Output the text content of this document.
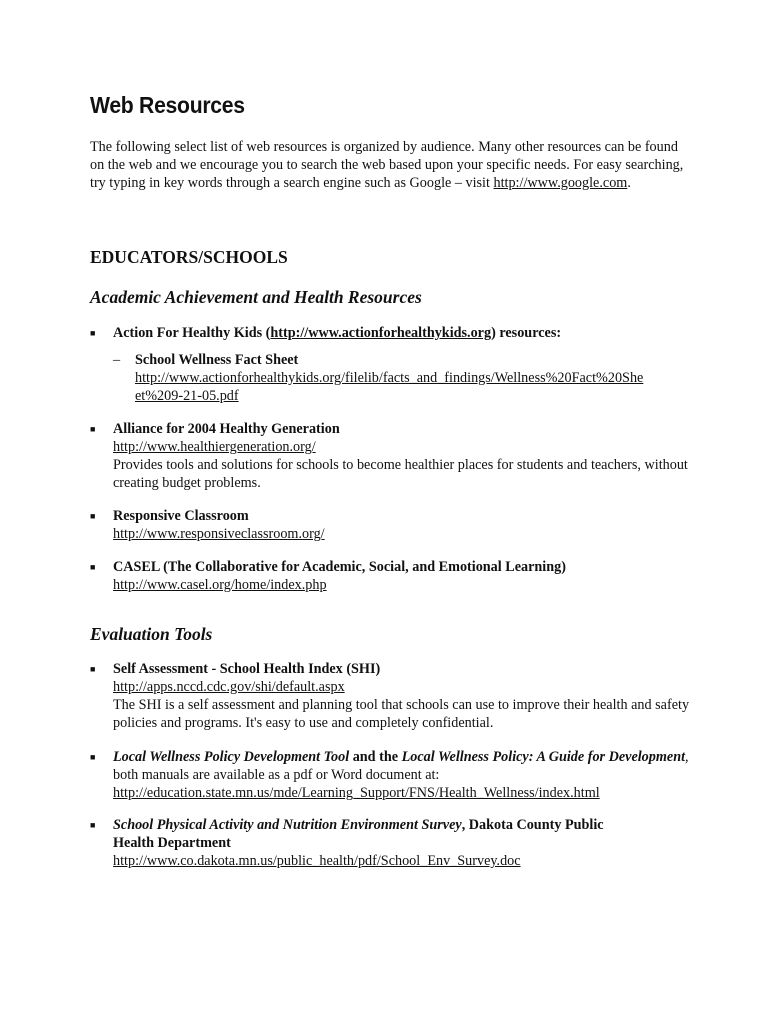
Web Resources

The following select list of web resources is organized by audience. Many other resources can be found on the web and we encourage you to search the web based upon your specific needs. For easy searching, try typing in key words through a search engine such as Google – visit http://www.google.com.

EDUCATORS/SCHOOLS
Academic Achievement and Health Resources
■ Action For Healthy Kids (http://www.actionforhealthykids.org) resources:
– School Wellness Fact Sheet
http://www.actionforhealthykids.org/filelib/facts_and_findings/Wellness%20Fact%20She
et%209-21-05.pdf
■ Alliance for 2004 Healthy Generation
http://www.healthiergeneration.org/
Provides tools and solutions for schools to become healthier places for students and teachers, without creating budget problems.
■ Responsive Classroom
http://www.responsiveclassroom.org/
■ CASEL (The Collaborative for Academic, Social, and Emotional Learning)
http://www.casel.org/home/index.php
Evaluation Tools
■ Self Assessment - School Health Index (SHI)
http://apps.nccd.cdc.gov/shi/default.aspx
The SHI is a self assessment and planning tool that schools can use to improve their health and safety policies and programs. It's easy to use and completely confidential.
■ Local Wellness Policy Development Tool and the Local Wellness Policy: A Guide for Development, both manuals are available as a pdf or Word document at:
http://education.state.mn.us/mde/Learning_Support/FNS/Health_Wellness/index.html
■ School Physical Activity and Nutrition Environment Survey, Dakota County Public Health Department
http://www.co.dakota.mn.us/public_health/pdf/School_Env_Survey.doc
